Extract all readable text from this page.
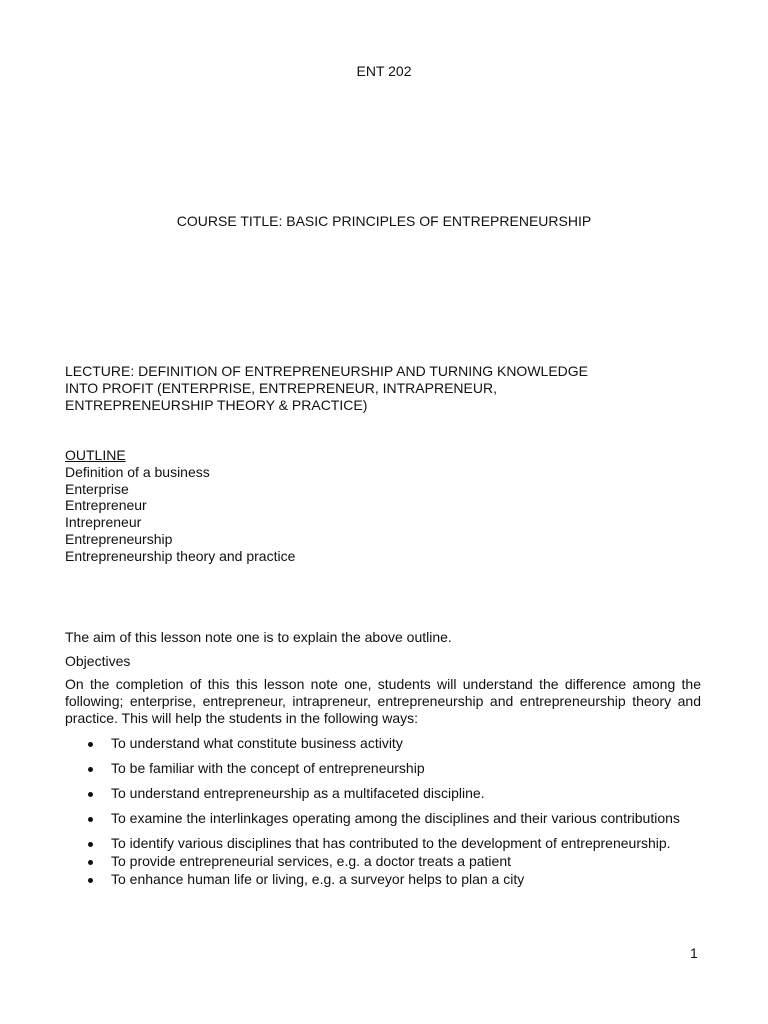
ENT 202
COURSE TITLE: BASIC PRINCIPLES OF ENTREPRENEURSHIP
LECTURE: DEFINITION OF ENTREPRENEURSHIP AND TURNING KNOWLEDGE
INTO PROFIT (ENTERPRISE, ENTREPRENEUR, INTRAPRENEUR,
ENTREPRENEURSHIP THEORY & PRACTICE)
OUTLINE
Definition of a business
Enterprise
Entrepreneur
Intrepreneur
Entrepreneurship
Entrepreneurship theory and practice
The aim of this lesson note one is to explain the above outline.
Objectives
On the completion of this this lesson note one, students will understand the difference among the following; enterprise, entrepreneur, intrapreneur, entrepreneurship and entrepreneurship theory and practice. This will help the students in the following ways:
To understand what constitute business activity
To be familiar with the concept of entrepreneurship
To understand entrepreneurship as a multifaceted discipline.
To examine the interlinkages operating among the disciplines and their various contributions
To identify various disciplines that has contributed to the development of entrepreneurship.
To provide entrepreneurial services, e.g. a doctor treats a patient
To enhance human life or living, e.g. a surveyor helps to plan a city
1
